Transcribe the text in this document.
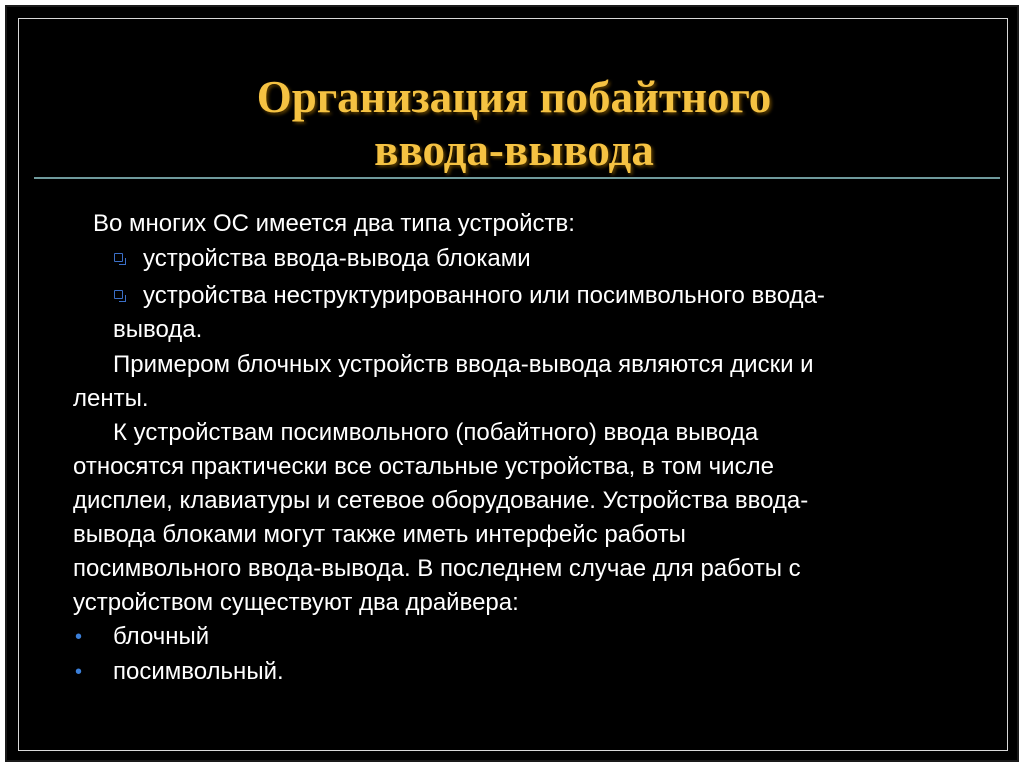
Организация побайтного
ввода-вывода
Во многих ОС имеется два типа устройств:
устройства ввода-вывода блоками
устройства неструктурированного или посимвольного ввода-
вывода.
Примером блочных устройств ввода-вывода являются диски и
ленты.
К устройствам посимвольного (побайтного) ввода вывода
относятся практически все остальные устройства, в том числе
дисплеи, клавиатуры и сетевое оборудование. Устройства ввода-
вывода блоками могут также иметь интерфейс работы
посимвольного ввода-вывода. В последнем случае для работы с
устройством существуют два драйвера:
• блочный
• посимвольный.
